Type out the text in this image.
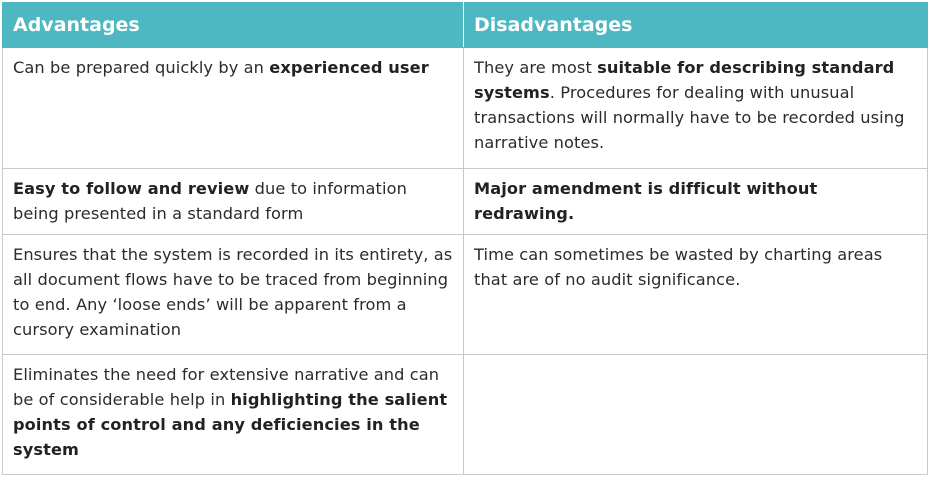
Advantages	Disadvantages
Can be prepared quickly by an experienced user	They are most suitable for describing standard systems. Procedures for dealing with unusual transactions will normally have to be recorded using narrative notes.
Easy to follow and review due to information being presented in a standard form	Major amendment is difficult without redrawing.
Ensures that the system is recorded in its entirety, as all document flows have to be traced from beginning to end. Any ‘loose ends’ will be apparent from a cursory examination	Time can sometimes be wasted by charting areas that are of no audit significance.
Eliminates the need for extensive narrative and can be of considerable help in highlighting the salient points of control and any deficiencies in the system	
